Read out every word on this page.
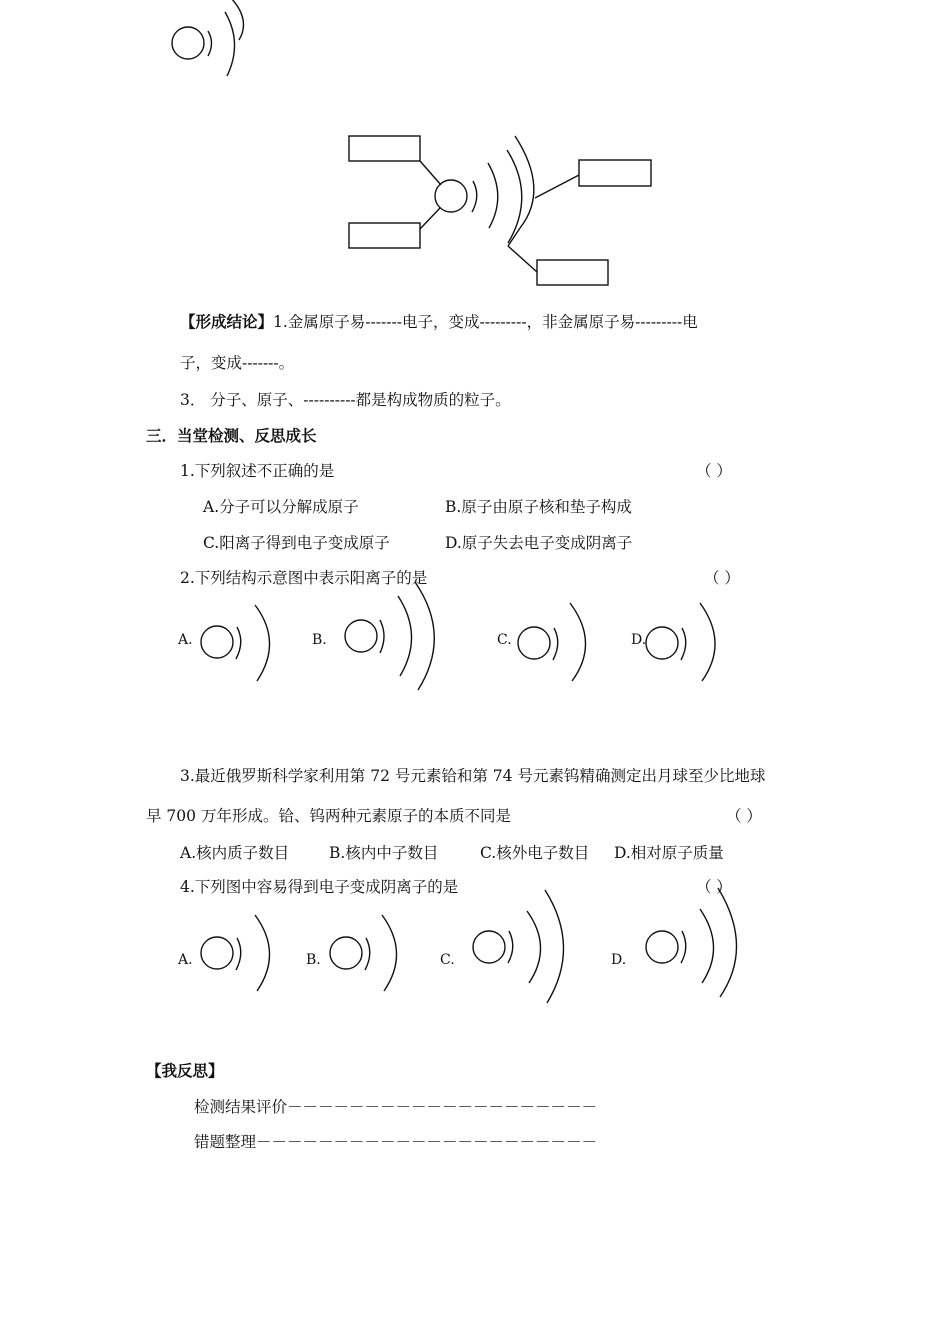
【形成结论】1.金属原子易-------电子，变成---------，非金属原子易---------电
子，变成-------。
3． 分子、原子、----------都是构成物质的粒子。
三．当堂检测、反思成长
1.下列叙述不正确的是	（ ）
A.分子可以分解成原子	B.原子由原子核和垫子构成
C.阳离子得到电子变成原子	D.原子失去电子变成阴离子
2.下列结构示意图中表示阳离子的是	（ ）
A.	B.	C.	D.
3.最近俄罗斯科学家利用第 72 号元素铪和第 74 号元素钨精确测定出月球至少比地球
早 700 万年形成。铪、钨两种元素原子的本质不同是	（ ）
A.核内质子数目	B.核内中子数目	C.核外电子数目 D.相对原子质量
4.下列图中容易得到电子变成阴离子的是	（ ）
A.	B.	C.	D.
【我反思】
检测结果评价－－－－－－－－－－－－－－－－－－－－
错题整理－－－－－－－－－－－－－－－－－－－－－－
